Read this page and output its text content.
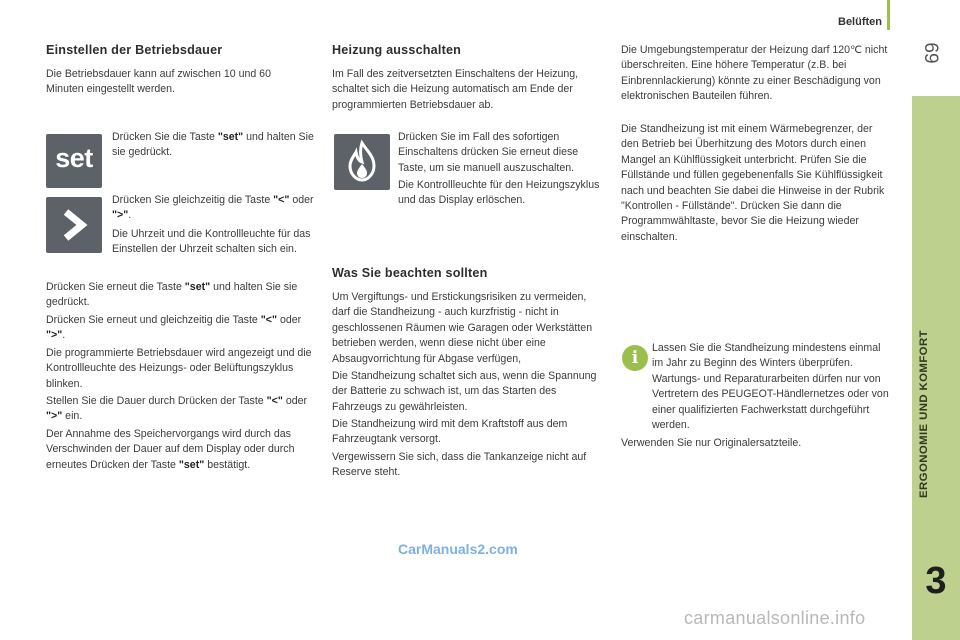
Belüften
69
ERGONOMIE UND KOMFORT
3
Einstellen der Betriebsdauer
Die Betriebsdauer kann auf zwischen 10 und 60 Minuten eingestellt werden.
set
Drücken Sie die Taste "set" und halten Sie sie gedrückt.
Drücken Sie gleichzeitig die Taste "<" oder ">".
Die Uhrzeit und die Kontrollleuchte für das Einstellen der Uhrzeit schalten sich ein.
Drücken Sie erneut die Taste "set" und halten Sie sie gedrückt.
Drücken Sie erneut und gleichzeitig die Taste "<" oder ">".
Die programmierte Betriebsdauer wird angezeigt und die Kontrollleuchte des Heizungs- oder Belüftungszyklus blinken.
Stellen Sie die Dauer durch Drücken der Taste "<" oder ">" ein.
Der Annahme des Speichervorgangs wird durch das Verschwinden der Dauer auf dem Display oder durch erneutes Drücken der Taste "set" bestätigt.
Heizung ausschalten
Im Fall des zeitversetzten Einschaltens der Heizung, schaltet sich die Heizung automatisch am Ende der programmierten Betriebsdauer ab.
Drücken Sie im Fall des sofortigen Einschaltens drücken Sie erneut diese Taste, um sie manuell auszuschalten.
Die Kontrollleuchte für den Heizungszyklus und das Display erlöschen.
Was Sie beachten sollten
Um Vergiftungs- und Erstickungsrisiken zu vermeiden, darf die Standheizung - auch kurzfristig - nicht in geschlossenen Räumen wie Garagen oder Werkstätten betrieben werden, wenn diese nicht über eine Absaugvorrichtung für Abgase verfügen,
Die Standheizung schaltet sich aus, wenn die Spannung der Batterie zu schwach ist, um das Starten des Fahrzeugs zu gewährleisten.
Die Standheizung wird mit dem Kraftstoff aus dem Fahrzeugtank versorgt.
Vergewissern Sie sich, dass die Tankanzeige nicht auf Reserve steht.
Die Umgebungstemperatur der Heizung darf 120℃ nicht überschreiten. Eine höhere Temperatur (z.B. bei Einbrennlackierung) könnte zu einer Beschädigung von elektronischen Bauteilen führen.
Die Standheizung ist mit einem Wärmebegrenzer, der den Betrieb bei Überhitzung des Motors durch einen Mangel an Kühlflüssigkeit unterbricht. Prüfen Sie die Füllstände und füllen gegebenenfalls Sie Kühlflüssigkeit nach und beachten Sie dabei die Hinweise in der Rubrik "Kontrollen - Füllstände". Drücken Sie dann die Programmwähltaste, bevor Sie die Heizung wieder einschalten.
i	Lassen Sie die Standheizung mindestens einmal im Jahr zu Beginn des Winters überprüfen. Wartungs- und Reparaturarbeiten dürfen nur von Vertretern des PEUGEOT-Händlernetzes oder von einer qualifizierten Fachwerkstatt durchgeführt werden.
Verwenden Sie nur Originalersatzteile.
CarManuals2.com
carmanualsonline.info
